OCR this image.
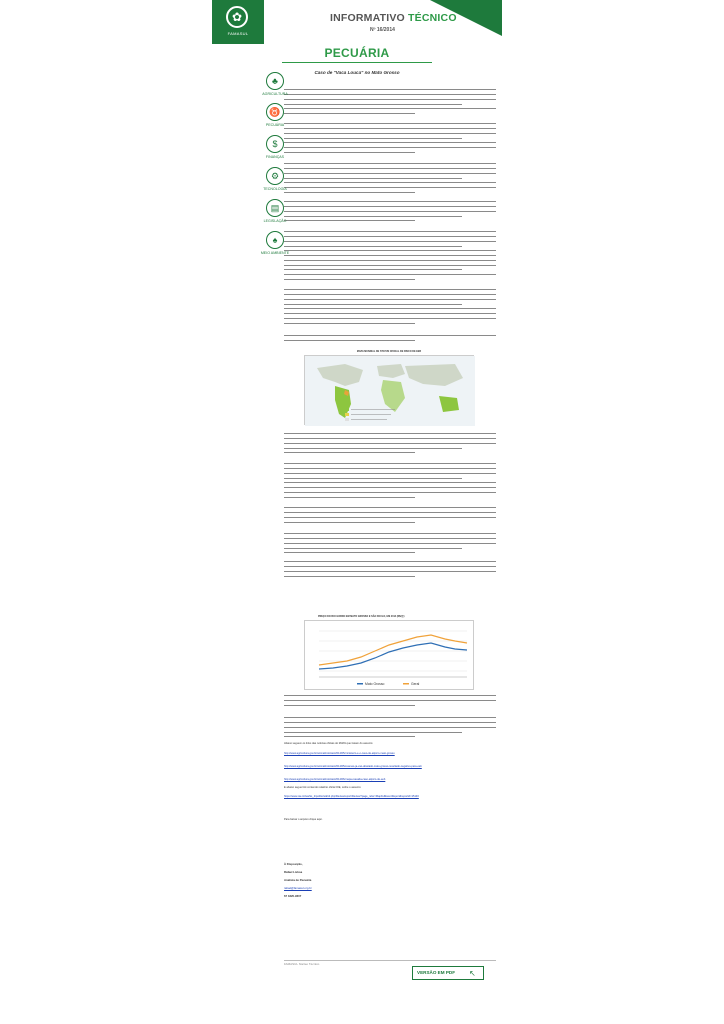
✿
FAMASUL
INFORMATIVO TÉCNICO
Nº 16/2014
PECUÁRIA
Caso de "Vaca Louca" no Mato Grosso
MAPA MUNDIAL DE STATUS OFICIAL DE RISCO DE EEB
PREÇO DO BOI GORDO EM MATO GROSSO E SÃO PAULO, EM 2014 (R$/@)
Mato Grosso	Geral
Abaixo seguem os links das notícias oficiais do MAPA que tratam do assunto:
http://www.agricultura.gov.br/animal/noticias/2014/05/ministerio-e-o-caso-de-atipico-mato-grosso
http://www.agricultura.gov.br/animal/noticias/2014/05/exames-ja-vao-afastado-mato-grosso-resultado-negativo-para-eeb
http://www.agricultura.gov.br/animal/noticias/2014/06/mapa-reavalia-caso-atipico-de-eeb
E abaixo segue link contendo relatório oficial OIE, sobre o assunto:
https://www.oie.int/wahis_2/public/wahid.php/Reviewreport/Review?page_refer=MapFullEventReport&reportid=15146
Para baixar o arquivo clique aqui.
À Disposição,
Rafael Lisboa
Analista de Pecuária
rafael@famasul.org.br
67 3320-9607
FAMASUL Núcleo Técnico
VERSÃO EM PDF ↖
♣
AGRICULTURA
♉
PECUÁRIA
$
FINANÇAS
⚙
TECNOLOGIA
▤
LEGISLAÇÃO
♠
MEIO AMBIENTE
